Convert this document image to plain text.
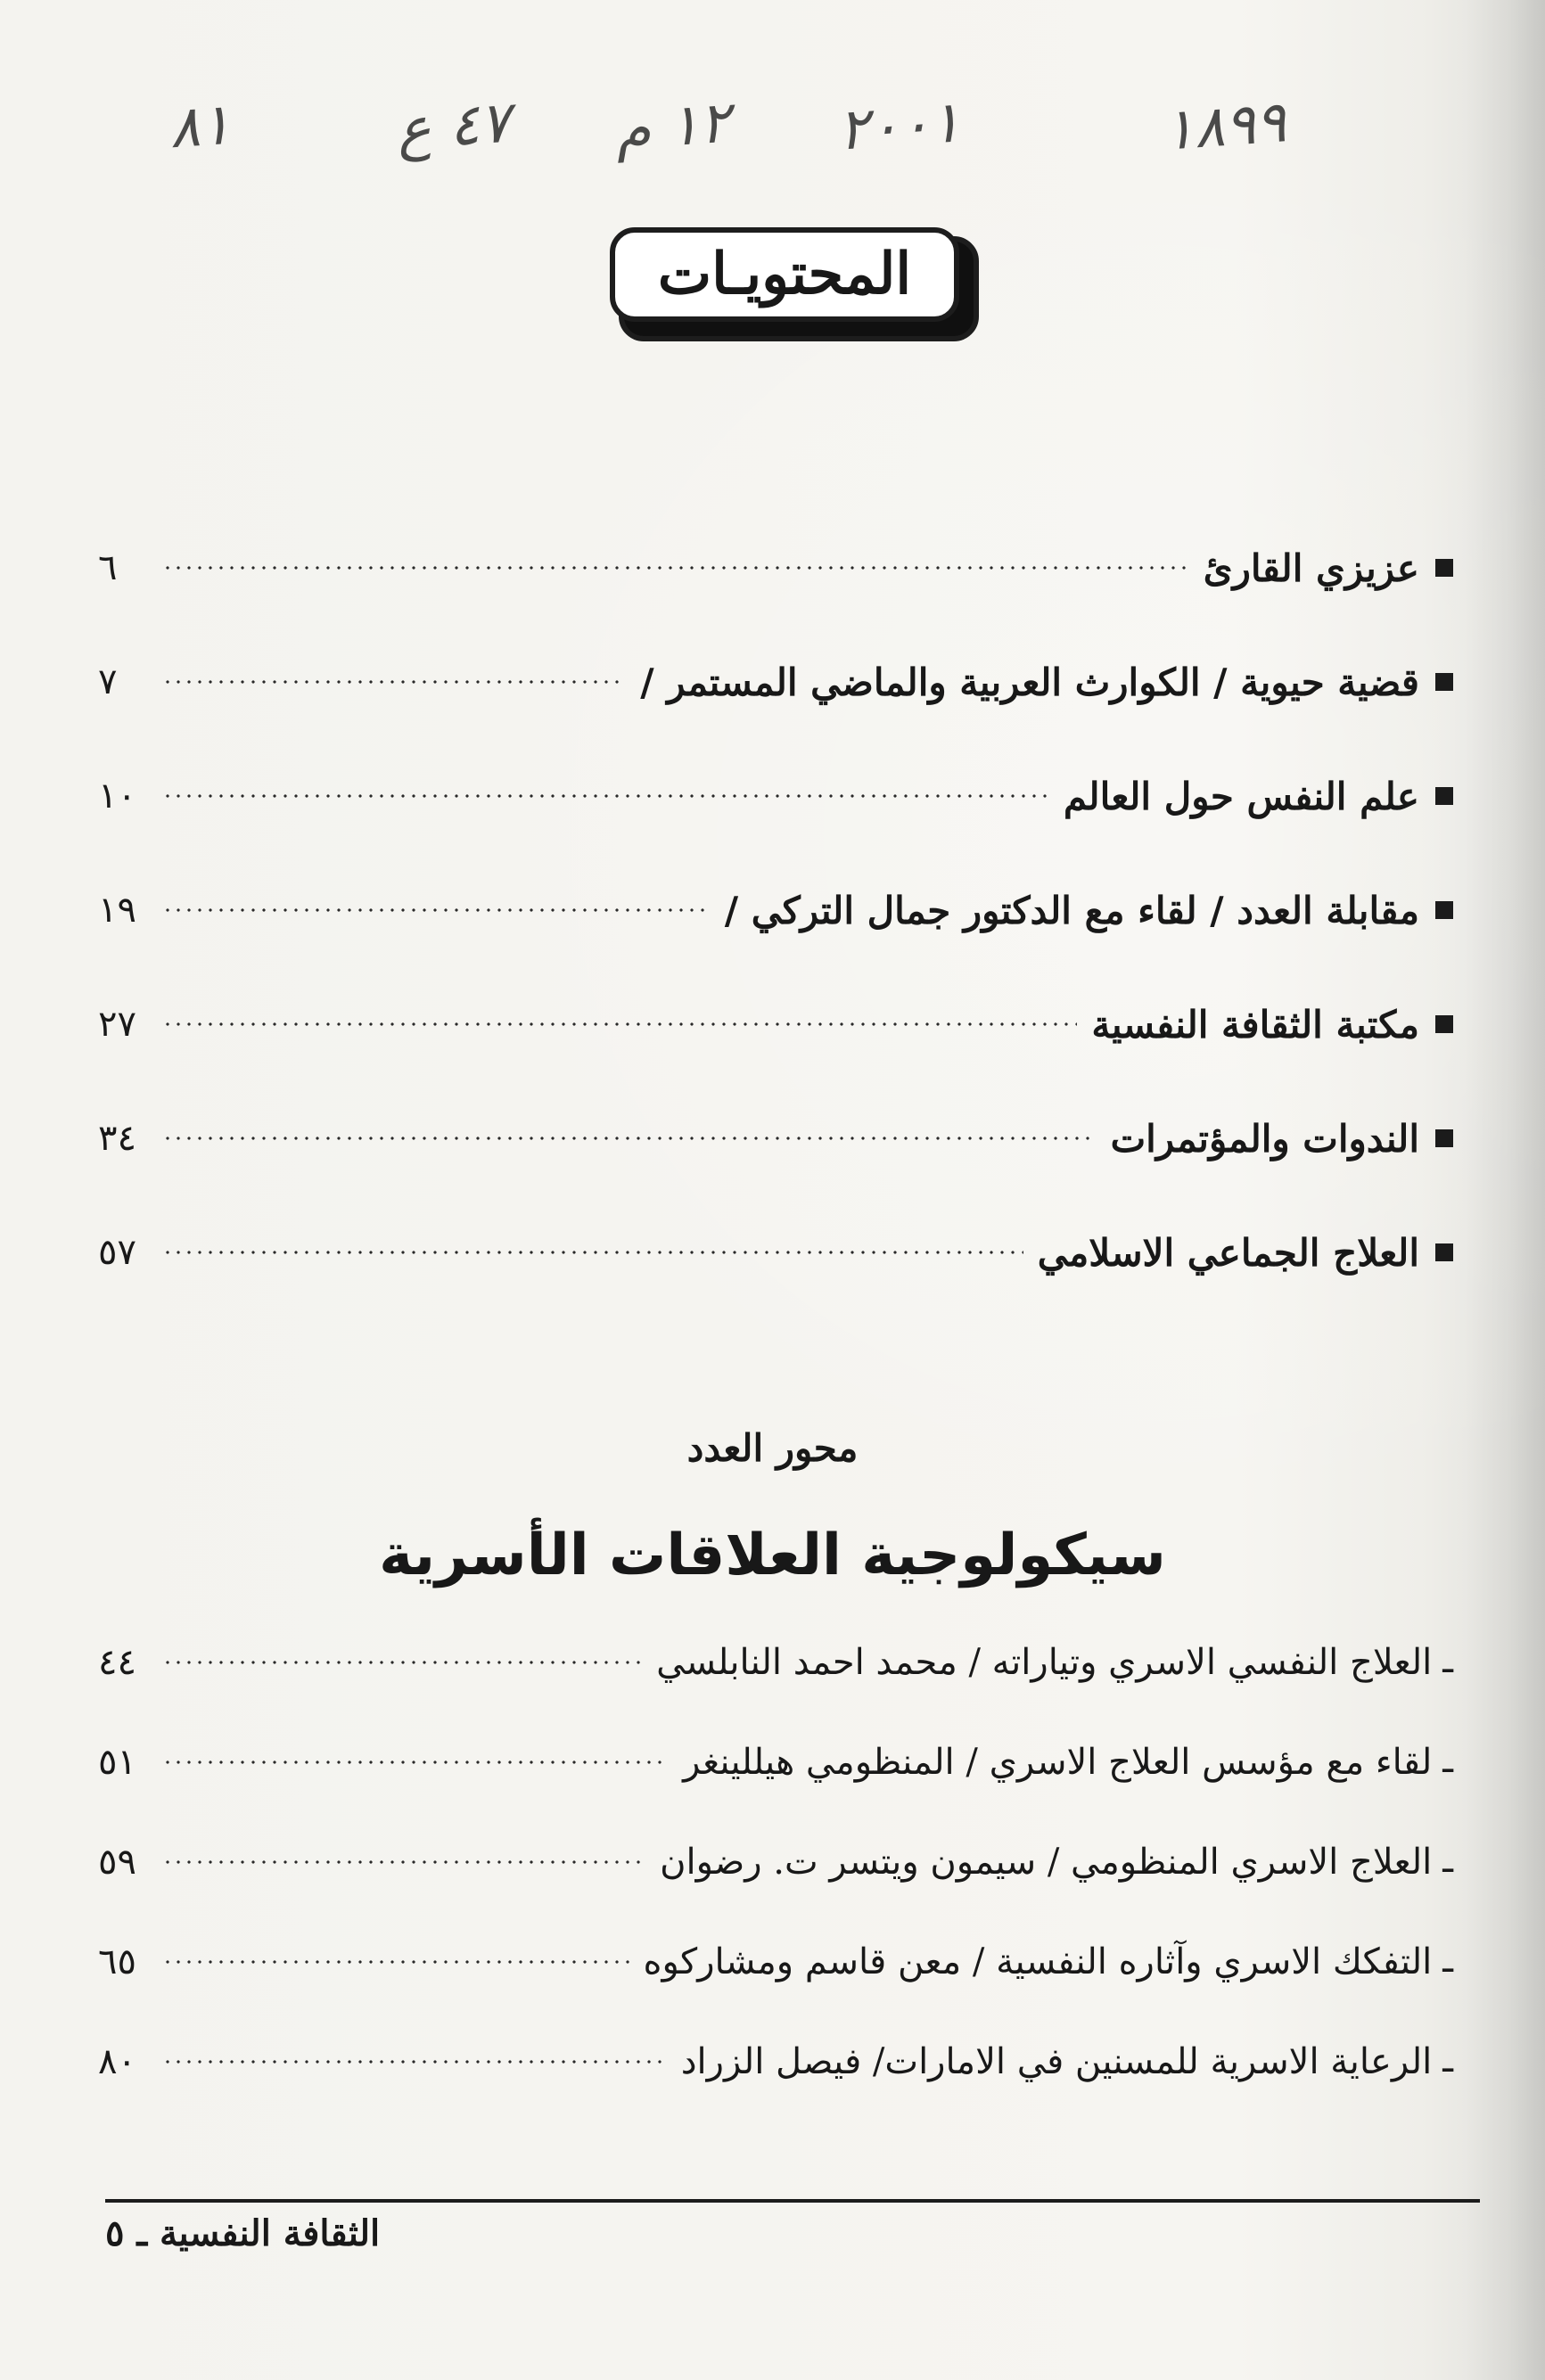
٨١	٤٧ ع ١٢ م ٢٠٠١	١٨٩٩
المحتويـات
عزيزي القارئ
٦
قضية حيوية / الكوارث العربية والماضي المستمر /
٧
علم النفس حول العالم
١٠
مقابلة العدد / لقاء مع الدكتور جمال التركي /
١٩
مكتبة الثقافة النفسية
٢٧
الندوات والمؤتمرات
٣٤
العلاج الجماعي الاسلامي
٥٧
محور العدد
سيكولوجية العلاقات الأسرية
ـ
العلاج النفسي الاسري وتياراته / محمد احمد النابلسي
٤٤
ـ
لقاء مع مؤسس العلاج الاسري / المنظومي هيللينغر
٥١
ـ
العلاج الاسري المنظومي / سيمون ويتسر ت. رضوان
٥٩
ـ
التفكك الاسري وآثاره النفسية / معن قاسم ومشاركوه
٦٥
ـ
الرعاية الاسرية للمسنين في الامارات/ فيصل الزراد
٨٠
الثقافة النفسية ـ ٥
